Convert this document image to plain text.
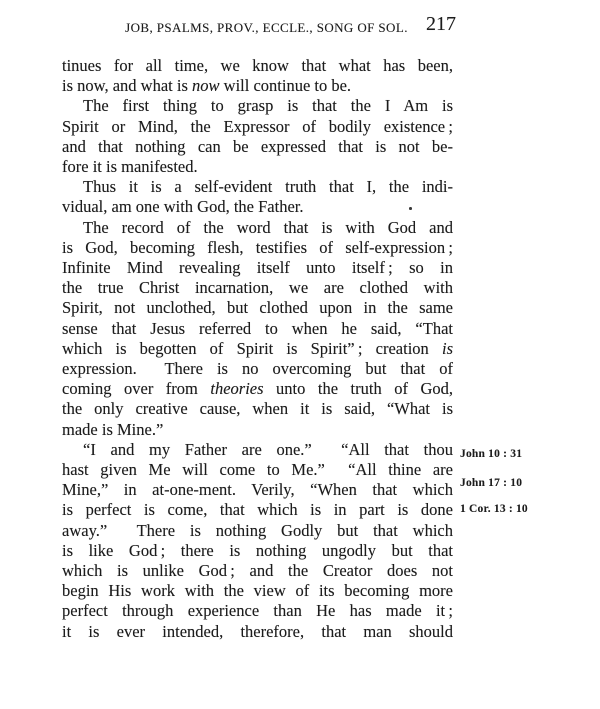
JOB, PSALMS, PROV., ECCLE., SONG OF SOL. 217
tinues for all time, we know that what has been,
is now, and what is now will continue to be.
The first thing to grasp is that the I Am is
Spirit or Mind, the Expressor of bodily existence ;
and that nothing can be expressed that is not be-
fore it is manifested.
Thus it is a self-evident truth that I, the indi-
vidual, am one with God, the Father.
The record of the word that is with God and
is God, becoming flesh, testifies of self-expression ;
Infinite Mind revealing itself unto itself ; so in
the true Christ incarnation, we are clothed with
Spirit, not unclothed, but clothed upon in the same
sense that Jesus referred to when he said, “That
which is begotten of Spirit is Spirit” ; creation is
expression.  There is no overcoming but that of
coming over from theories unto the truth of God,
the only creative cause, when it is said, “What is
made is Mine.”
“I and my Father are one.”  “All that thou
hast given Me will come to Me.”  “All thine are
Mine,” in at-one-ment. Verily, “When that which
is perfect is come, that which is in part is done
away.”  There is nothing Godly but that which
is like God ; there is nothing ungodly but that
which is unlike God ; and the Creator does not
begin His work with the view of its becoming more
perfect through experience than He has made it ;
it is ever intended, therefore, that man should
John 10 : 31
John 17 : 10
1 Cor. 13 : 10
